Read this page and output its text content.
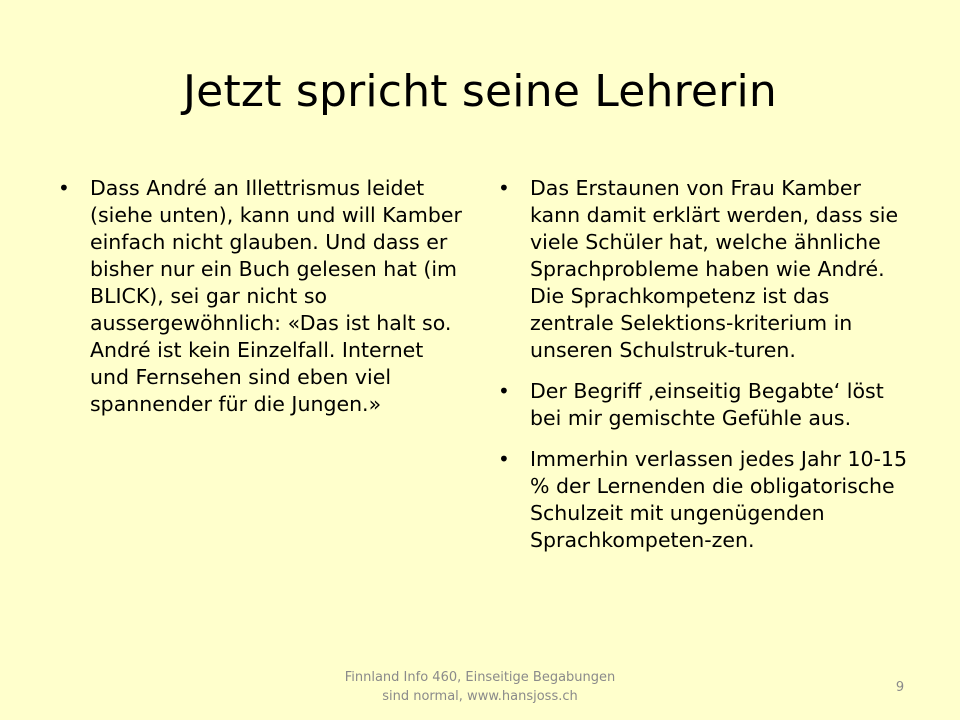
Jetzt spricht seine Lehrerin
• Dass André an Illettrismus leidet (siehe unten), kann und will Kamber einfach nicht glauben. Und dass er bisher nur ein Buch gelesen hat (im BLICK), sei gar nicht so aussergewöhnlich: «Das ist halt so. André ist kein Einzelfall. Internet und Fernsehen sind eben viel spannender für die Jungen.»
• Das Erstaunen von Frau Kamber kann damit erklärt werden, dass sie viele Schüler hat, welche ähnliche Sprachprobleme haben wie André. Die Sprachkompetenz ist das zentrale Selektions-kriterium in unseren Schulstruk-turen.
• Der Begriff ‚einseitig Begabte‘ löst bei mir gemischte Gefühle aus.
• Immerhin verlassen jedes Jahr 10-15 % der Lernenden die obligatorische Schulzeit mit ungenügenden Sprachkompeten-zen.
Finnland Info 460, Einseitige Begabungen sind normal, www.hansjoss.ch
9
